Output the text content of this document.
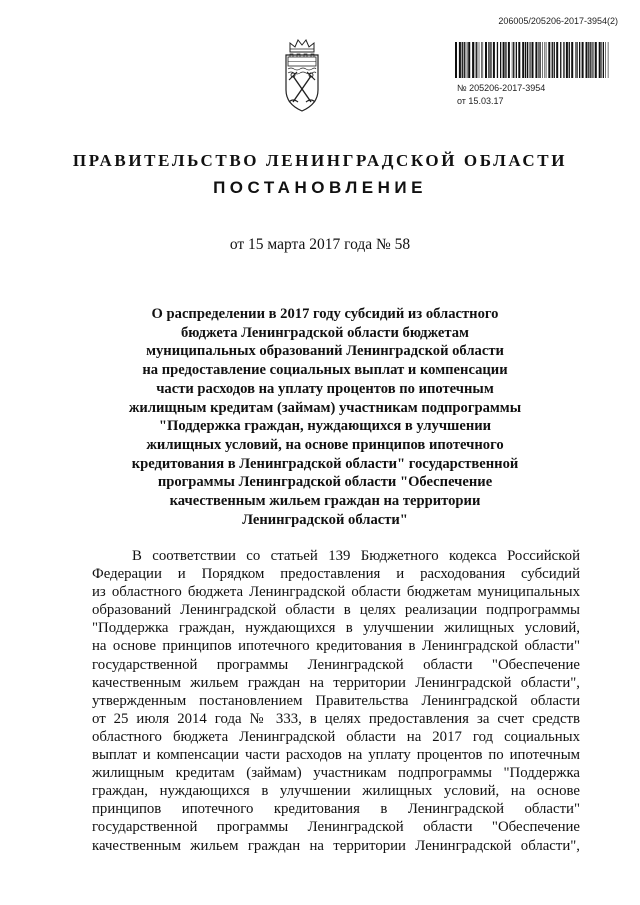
206005/205206-2017-3954(2)
№ 205206-2017-3954
от 15.03.17
ПРАВИТЕЛЬСТВО ЛЕНИНГРАДСКОЙ ОБЛАСТИ
ПОСТАНОВЛЕНИЕ
от 15 марта 2017 года № 58
О распределении в 2017 году субсидий из областного
бюджета Ленинградской области бюджетам
муниципальных образований Ленинградской области
на предоставление социальных выплат и компенсации
части расходов на уплату процентов по ипотечным
жилищным кредитам (займам) участникам подпрограммы
"Поддержка граждан, нуждающихся в улучшении
жилищных условий, на основе принципов ипотечного
кредитования в Ленинградской области" государственной
программы Ленинградской области "Обеспечение
качественным жильем граждан на территории
Ленинградской области"
В соответствии со статьей 139 Бюджетного кодекса Российской
Федерации и Порядком предоставления и расходования субсидий
из областного бюджета Ленинградской области бюджетам муниципальных
образований Ленинградской области в целях реализации подпрограммы
"Поддержка граждан, нуждающихся в улучшении жилищных условий,
на основе принципов ипотечного кредитования в Ленинградской области"
государственной программы Ленинградской области "Обеспечение
качественным жильем граждан на территории Ленинградской области",
утвержденным постановлением Правительства Ленинградской области
от 25 июля 2014 года № 333, в целях предоставления за счет средств
областного бюджета Ленинградской области на 2017 год социальных
выплат и компенсации части расходов на уплату процентов по ипотечным
жилищным кредитам (займам) участникам подпрограммы "Поддержка
граждан, нуждающихся в улучшении жилищных условий, на основе
принципов ипотечного кредитования в Ленинградской области"
государственной программы Ленинградской области "Обеспечение
качественным жильем граждан на территории Ленинградской области",
